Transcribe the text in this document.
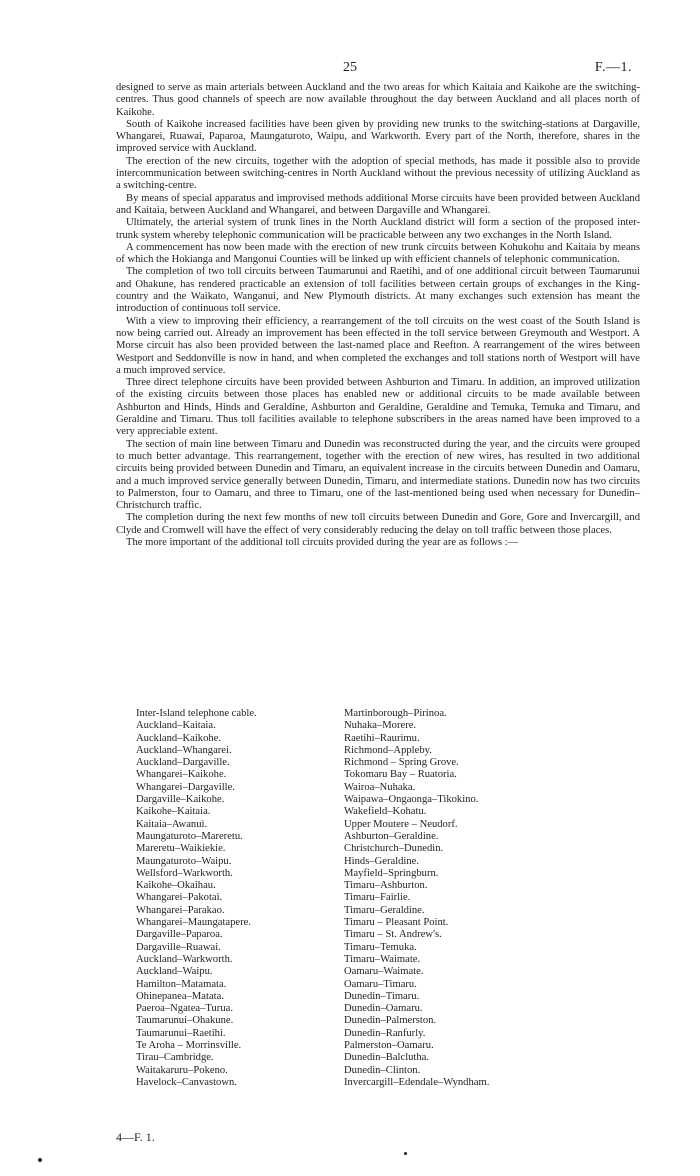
25	F.—1.

designed to serve as main arterials between Auckland and the two areas for which Kaitaia and Kaikohe are the switching-centres. Thus good channels of speech are now available throughout the day between Auckland and all places north of Kaikohe.

South of Kaikohe increased facilities have been given by providing new trunks to the switching-stations at Dargaville, Whangarei, Ruawai, Paparoa, Maungaturoto, Waipu, and Warkworth. Every part of the North, therefore, shares in the improved service with Auckland.

The erection of the new circuits, together with the adoption of special methods, has made it possible also to provide intercommunication between switching-centres in North Auckland without the previous necessity of utilizing Auckland as a switching-centre.

By means of special apparatus and improvised methods additional Morse circuits have been provided between Auckland and Kaitaia, between Auckland and Whangarei, and between Dargaville and Whangarei.

Ultimately, the arterial system of trunk lines in the North Auckland district will form a section of the proposed inter-trunk system whereby telephonic communication will be practicable between any two exchanges in the North Island.

A commencement has now been made with the erection of new trunk circuits between Kohukohu and Kaitaia by means of which the Hokianga and Mangonui Counties will be linked up with efficient channels of telephonic communication.

The completion of two toll circuits between Taumarunui and Raetihi, and of one additional circuit between Taumarunui and Ohakune, has rendered practicable an extension of toll facilities between certain groups of exchanges in the King-country and the Waikato, Wanganui, and New Plymouth districts. At many exchanges such extension has meant the introduction of continuous toll service.

With a view to improving their efficiency, a rearrangement of the toll circuits on the west coast of the South Island is now being carried out. Already an improvement has been effected in the toll service between Greymouth and Westport. A Morse circuit has also been provided between the last-named place and Reefton. A rearrangement of the wires between Westport and Seddonville is now in hand, and when completed the exchanges and toll stations north of Westport will have a much improved service.

Three direct telephone circuits have been provided between Ashburton and Timaru. In addition, an improved utilization of the existing circuits between those places has enabled new or additional circuits to be made available between Ashburton and Hinds, Hinds and Geraldine, Ashburton and Geraldine, Geraldine and Temuka, Temuka and Timaru, and Geraldine and Timaru. Thus toll facilities available to telephone subscribers in the areas named have been improved to a very appreciable extent.

The section of main line between Timaru and Dunedin was reconstructed during the year, and the circuits were grouped to much better advantage. This rearrangement, together with the erection of new wires, has resulted in two additional circuits being provided between Dunedin and Timaru, an equivalent increase in the circuits between Dunedin and Oamaru, and a much improved service generally between Dunedin, Timaru, and intermediate stations. Dunedin now has two circuits to Palmerston, four to Oamaru, and three to Timaru, one of the last-mentioned being used when necessary for Dunedin–Christchurch traffic.

The completion during the next few months of new toll circuits between Dunedin and Gore, Gore and Invercargill, and Clyde and Cromwell will have the effect of very considerably reducing the delay on toll traffic between those places.

The more important of the additional toll circuits provided during the year are as follows :—

Inter-Island telephone cable.
Auckland–Kaitaia.
Auckland–Kaikohe.
Auckland–Whangarei.
Auckland–Dargaville.
Whangarei–Kaikohe.
Whangarei–Dargaville.
Dargaville–Kaikohe.
Kaikohe–Kaitaia.
Kaitaia–Awanui.
Maungaturoto–Mareretu.
Mareretu–Waikiekie.
Maungaturoto–Waipu.
Wellsford–Warkworth.
Kaikohe–Okaihau.
Whangarei–Pakotai.
Whangarei–Parakao.
Whangarei–Maungatapere.
Dargaville–Paparoa.
Dargaville–Ruawai.
Auckland–Warkworth.
Auckland–Waipu.
Hamilton–Matamata.
Ohinepanea–Matata.
Paeroa–Ngatea–Turua.
Taumarunui–Ohakune.
Taumarunui–Raetihi.
Te Aroha – Morrinsville.
Tirau–Cambridge.
Waitakaruru–Pokeno.
Havelock–Canvastown.
Martinborough–Pirinoa.
Nuhaka–Morere.
Raetihi–Raurimu.
Richmond–Appleby.
Richmond – Spring Grove.
Tokomaru Bay – Ruatoria.
Wairoa–Nuhaka.
Waipawa–Ongaonga–Tikokino.
Wakefield–Kohatu.
Upper Moutere – Neudorf.
Ashburton–Geraldine.
Christchurch–Dunedin.
Hinds–Geraldine.
Mayfield–Springburn.
Timaru–Ashburton.
Timaru–Fairlie.
Timaru–Geraldine.
Timaru – Pleasant Point.
Timaru – St. Andrew's.
Timaru–Temuka.
Timaru–Waimate.
Oamaru–Waimate.
Oamaru–Timaru.
Dunedin–Timaru.
Dunedin–Oamaru.
Dunedin–Palmerston.
Dunedin–Ranfurly.
Palmerston–Oamaru.
Dunedin–Balclutha.
Dunedin–Clinton.
Invercargill–Edendale–Wyndham.
4—F. 1.
